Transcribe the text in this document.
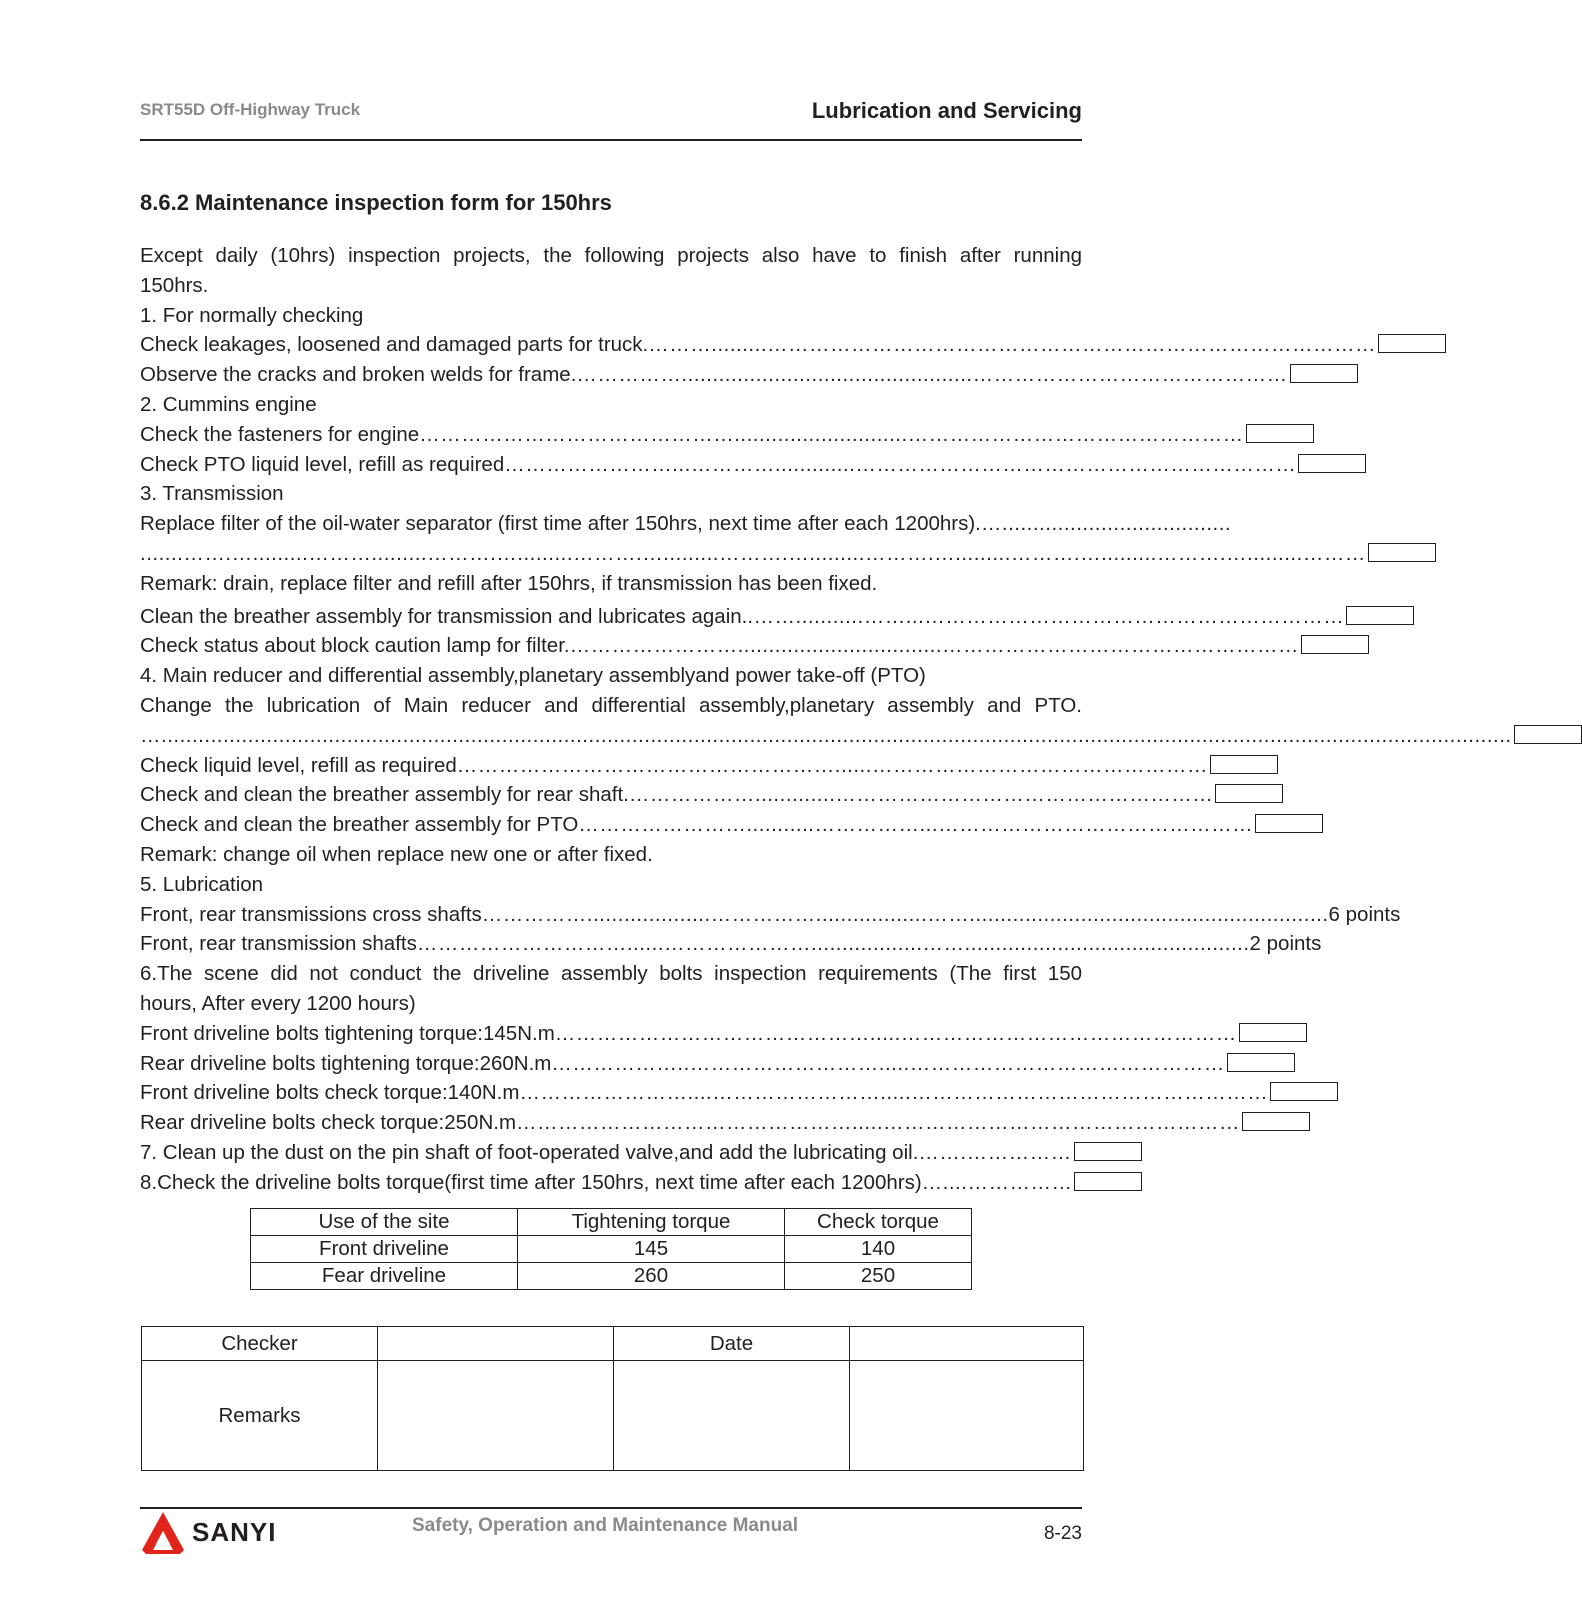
SRT55D Off-Highway Truck	Lubrication and Servicing
8.6.2 Maintenance inspection form for 150hrs
Except daily (10hrs) inspection projects, the following projects also have to finish after running
150hrs.
1. For normally checking
Check leakages, loosened and damaged parts for truck. ……….........……………………………………………………………………………
Observe the cracks and broken welds for frame. ……………...............................................………………………………………
2. Cummins engine
Check the fasteners for engine ………………………………………............................…………………………………………
Check PTO liquid level, refill as required ……………………...………….............………………………………………………………
3. Transmission
Replace filter of the oil-water separator (first time after 150hrs, next time after each 1200hrs). ….....................................
.......…….….........……….........……….….........……….….........……….….........……….….........……….….........……….….........………
Remark: drain, replace filter and refill after 150hrs, if transmission has been fixed.
Clean the breather assembly for transmission and lubricates again. .……...........……...……………………………………………………
Check status about block caution lamp for filter. …………………….................................……………………………………………
4. Main reducer and differential assembly,planetary assemblyand power take-off (PTO)
Change the lubrication of Main reducer and differential assembly,planetary assembly and PTO.
…..........................................................................................................................................................................................................................
Check liquid level, refill as required ………………………………………………......…………………………………………
Check and clean the breather assembly for rear shaft. ……………….............………………………………………………
Check and clean the breather assembly for PTO ……………………...........……………...………………………………………
Remark: change oil when replace new one or after fixed.
5. Lubrication
Front, rear transmissions cross shafts ……………....................……………..................…….......................................................... 6 points
Front, rear transmission shafts …………………………......…………………..................…….............................................. 2 points
6.The scene did not conduct the driveline assembly bolts inspection requirements (The first 150
hours, After every 1200 hours)
Front driveline bolts tightening torque:145N.m ……………………………………….....…………………………………………
Rear driveline bolts tightening torque:260N.m ………………..……………………….....………………………………………
Front driveline bolts check torque:140N.m ……………………....…………………….....……………………………………………
Rear driveline bolts check torque:250N.m ………………………………………….....……………………………………………
7. Clean up the dust on the pin shaft of foot-operated valve,and add the lubricating oil. …….……………
8.Check the driveline bolts torque(first time after 150hrs, next time after each 1200hrs) …....……………
Use of the site	Tightening torque	Check torque
Front driveline	145	140
Fear driveline	260	250
Checker		Date	
Remarks			
SANYI	Safety, Operation and Maintenance Manual	8-23
